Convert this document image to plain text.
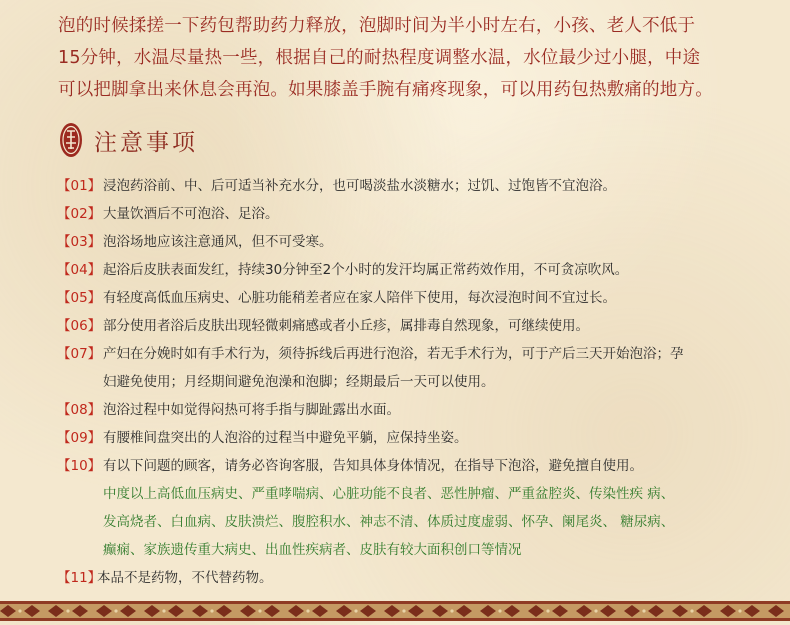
泡的时候揉搓一下药包帮助药力释放，泡脚时间为半小时左右，小孩、老人不低于

15分钟，水温尽量热一些，根据自己的耐热程度调整水温，水位最少过小腿，中途

可以把脚拿出来休息会再泡。如果膝盖手腕有痛疼现象，可以用药包热敷痛的地方。

注意事项
【01】 浸泡药浴前、中、后可适当补充水分，也可喝淡盐水淡糖水；过饥、过饱皆不宜泡浴。
【02】 大量饮酒后不可泡浴、足浴。
【03】 泡浴场地应该注意通风，但不可受寒。
【04】 起浴后皮肤表面发红，持续30分钟至2个小时的发汗均属正常药效作用，不可贪凉吹风。
【05】 有轻度高低血压病史、心脏功能稍差者应在家人陪伴下使用，每次浸泡时间不宜过长。
【06】 部分使用者浴后皮肤出现轻微刺痛感或者小丘疹，属排毒自然现象，可继续使用。
【07】 产妇在分娩时如有手术行为，须待拆线后再进行泡浴，若无手术行为，可于产后三天开始泡浴；孕

妇避免使用；月经期间避免泡澡和泡脚；经期最后一天可以使用。

【08】 泡浴过程中如觉得闷热可将手指与脚趾露出水面。
【09】 有腰椎间盘突出的人泡浴的过程当中避免平躺，应保持坐姿。
【10】 有以下问题的顾客，请务必咨询客服，告知具体身体情况，在指导下泡浴，避免擅自使用。

中度以上高低血压病史、严重哮喘病、心脏功能不良者、恶性肿瘤、严重盆腔炎、传染性疾 病、

发高烧者、白血病、皮肤溃烂、腹腔积水、神志不清、体质过度虚弱、怀孕、阑尾炎、 糖尿病、

癫痫、家族遗传重大病史、出血性疾病者、皮肤有较大面积创口等情况

【11】
本品不是药物，不代替药物。
